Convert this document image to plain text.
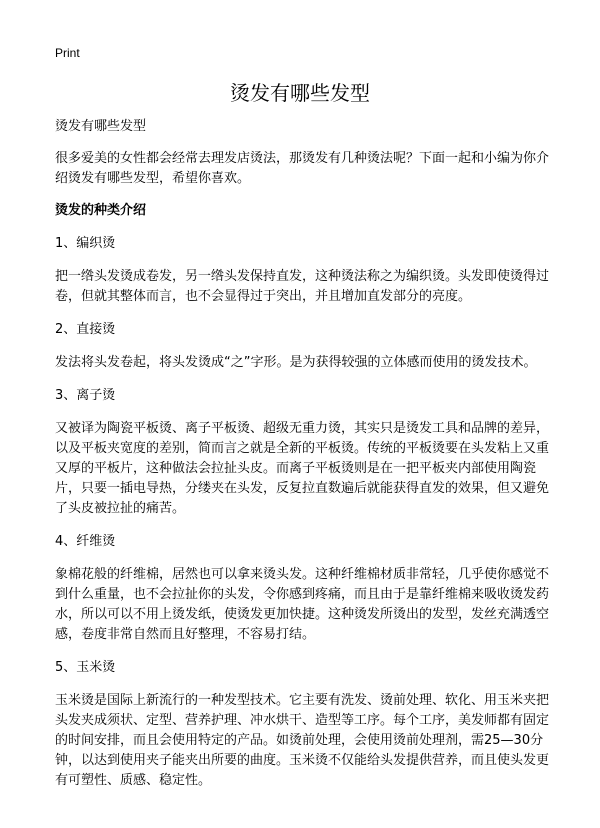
Print
烫发有哪些发型

烫发有哪些发型

很多爱美的女性都会经常去理发店烫法，那烫发有几种烫法呢？下面一起和小编为你介绍烫发有哪些发型，希望你喜欢。

烫发的种类介绍

1、编织烫

把一绺头发烫成卷发，另一绺头发保持直发，这种烫法称之为编织烫。头发即使烫得过卷，但就其整体而言，也不会显得过于突出，并且增加直发部分的亮度。

2、直接烫

发法将头发卷起，将头发烫成“之”字形。是为获得较强的立体感而使用的烫发技术。

3、离子烫

又被译为陶瓷平板烫、离子平板烫、超级无重力烫，其实只是烫发工具和品牌的差异，以及平板夹宽度的差别，简而言之就是全新的平板烫。传统的平板烫要在头发粘上又重又厚的平板片，这种做法会拉扯头皮。而离子平板烫则是在一把平板夹内部使用陶瓷片，只要一插电导热，分缕夹在头发，反复拉直数遍后就能获得直发的效果，但又避免了头皮被拉扯的痛苦。

4、纤维烫

象棉花般的纤维棉，居然也可以拿来烫头发。这种纤维棉材质非常轻，几乎使你感觉不到什么重量，也不会拉扯你的头发，令你感到疼痛，而且由于是靠纤维棉来吸收烫发药水，所以可以不用上烫发纸，使烫发更加快捷。这种烫发所烫出的发型，发丝充满透空感，卷度非常自然而且好整理，不容易打结。

5、玉米烫

玉米烫是国际上新流行的一种发型技术。它主要有洗发、烫前处理、软化、用玉米夹把头发夹成须状、定型、营养护理、冲水烘干、造型等工序。每个工序，美发师都有固定的时间安排，而且会使用特定的产品。如烫前处理，会使用烫前处理剂，需25—30分钟，以达到使用夹子能夹出所要的曲度。玉米烫不仅能给头发提供营养，而且使头发更有可塑性、质感、稳定性。
